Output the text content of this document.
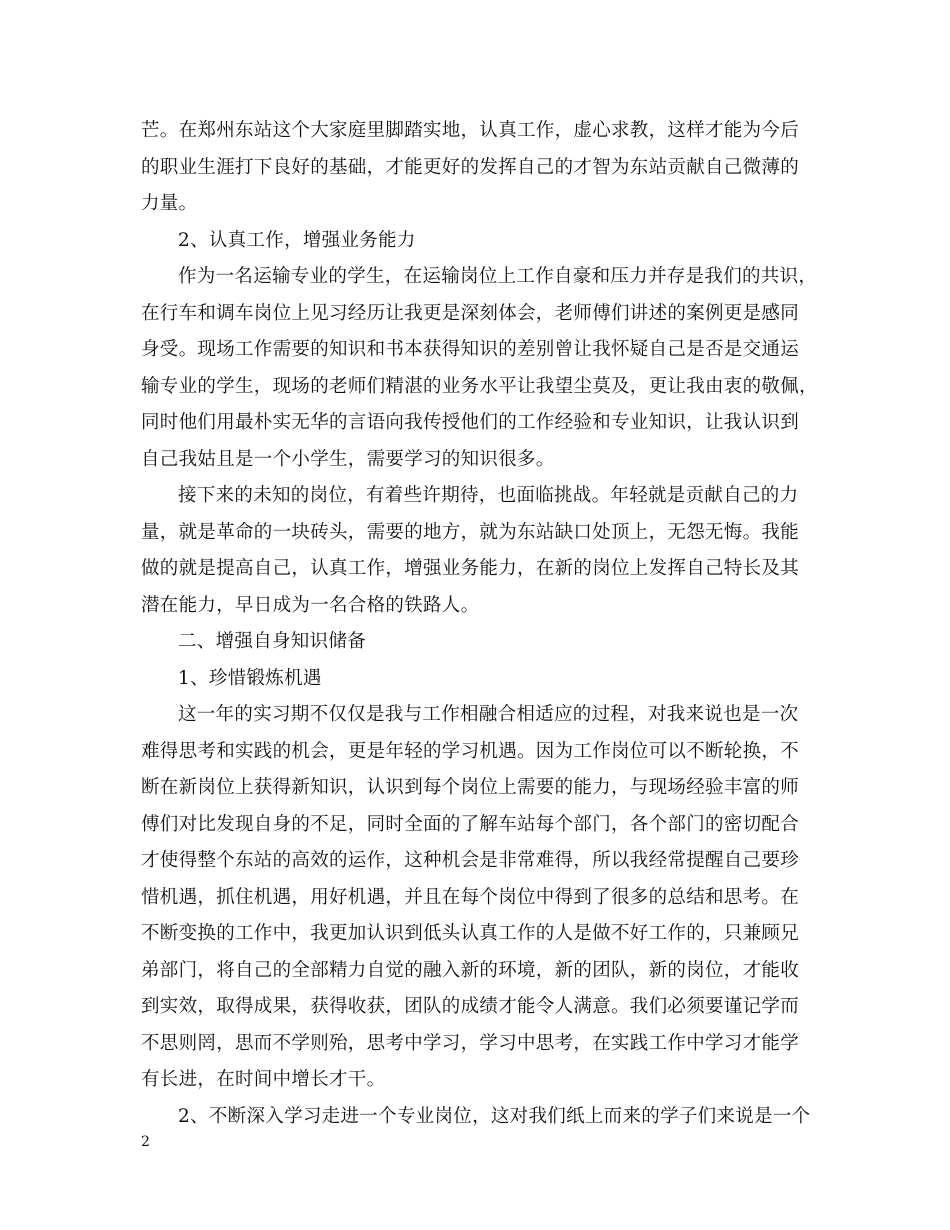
芒。在郑州东站这个大家庭里脚踏实地，认真工作，虚心求教，这样才能为今后
的职业生涯打下良好的基础，才能更好的发挥自己的才智为东站贡献自己微薄的
力量。
2、认真工作，增强业务能力
作为一名运输专业的学生，在运输岗位上工作自豪和压力并存是我们的共识，
在行车和调车岗位上见习经历让我更是深刻体会，老师傅们讲述的案例更是感同
身受。现场工作需要的知识和书本获得知识的差别曾让我怀疑自己是否是交通运
输专业的学生，现场的老师们精湛的业务水平让我望尘莫及，更让我由衷的敬佩，
同时他们用最朴实无华的言语向我传授他们的工作经验和专业知识，让我认识到
自己我姑且是一个小学生，需要学习的知识很多。
接下来的未知的岗位，有着些许期待，也面临挑战。年轻就是贡献自己的力
量，就是革命的一块砖头，需要的地方，就为东站缺口处顶上，无怨无悔。我能
做的就是提高自己，认真工作，增强业务能力，在新的岗位上发挥自己特长及其
潜在能力，早日成为一名合格的铁路人。
二、增强自身知识储备
1、珍惜锻炼机遇
这一年的实习期不仅仅是我与工作相融合相适应的过程，对我来说也是一次
难得思考和实践的机会，更是年轻的学习机遇。因为工作岗位可以不断轮换，不
断在新岗位上获得新知识，认识到每个岗位上需要的能力，与现场经验丰富的师
傅们对比发现自身的不足，同时全面的了解车站每个部门，各个部门的密切配合
才使得整个东站的高效的运作，这种机会是非常难得，所以我经常提醒自己要珍
惜机遇，抓住机遇，用好机遇，并且在每个岗位中得到了很多的总结和思考。在
不断变换的工作中，我更加认识到低头认真工作的人是做不好工作的，只兼顾兄
弟部门，将自己的全部精力自觉的融入新的环境，新的团队，新的岗位，才能收
到实效，取得成果，获得收获，团队的成绩才能令人满意。我们必须要谨记学而
不思则罔，思而不学则殆，思考中学习，学习中思考，在实践工作中学习才能学
有长进，在时间中增长才干。
2、不断深入学习走进一个专业岗位，这对我们纸上而来的学子们来说是一个
2
